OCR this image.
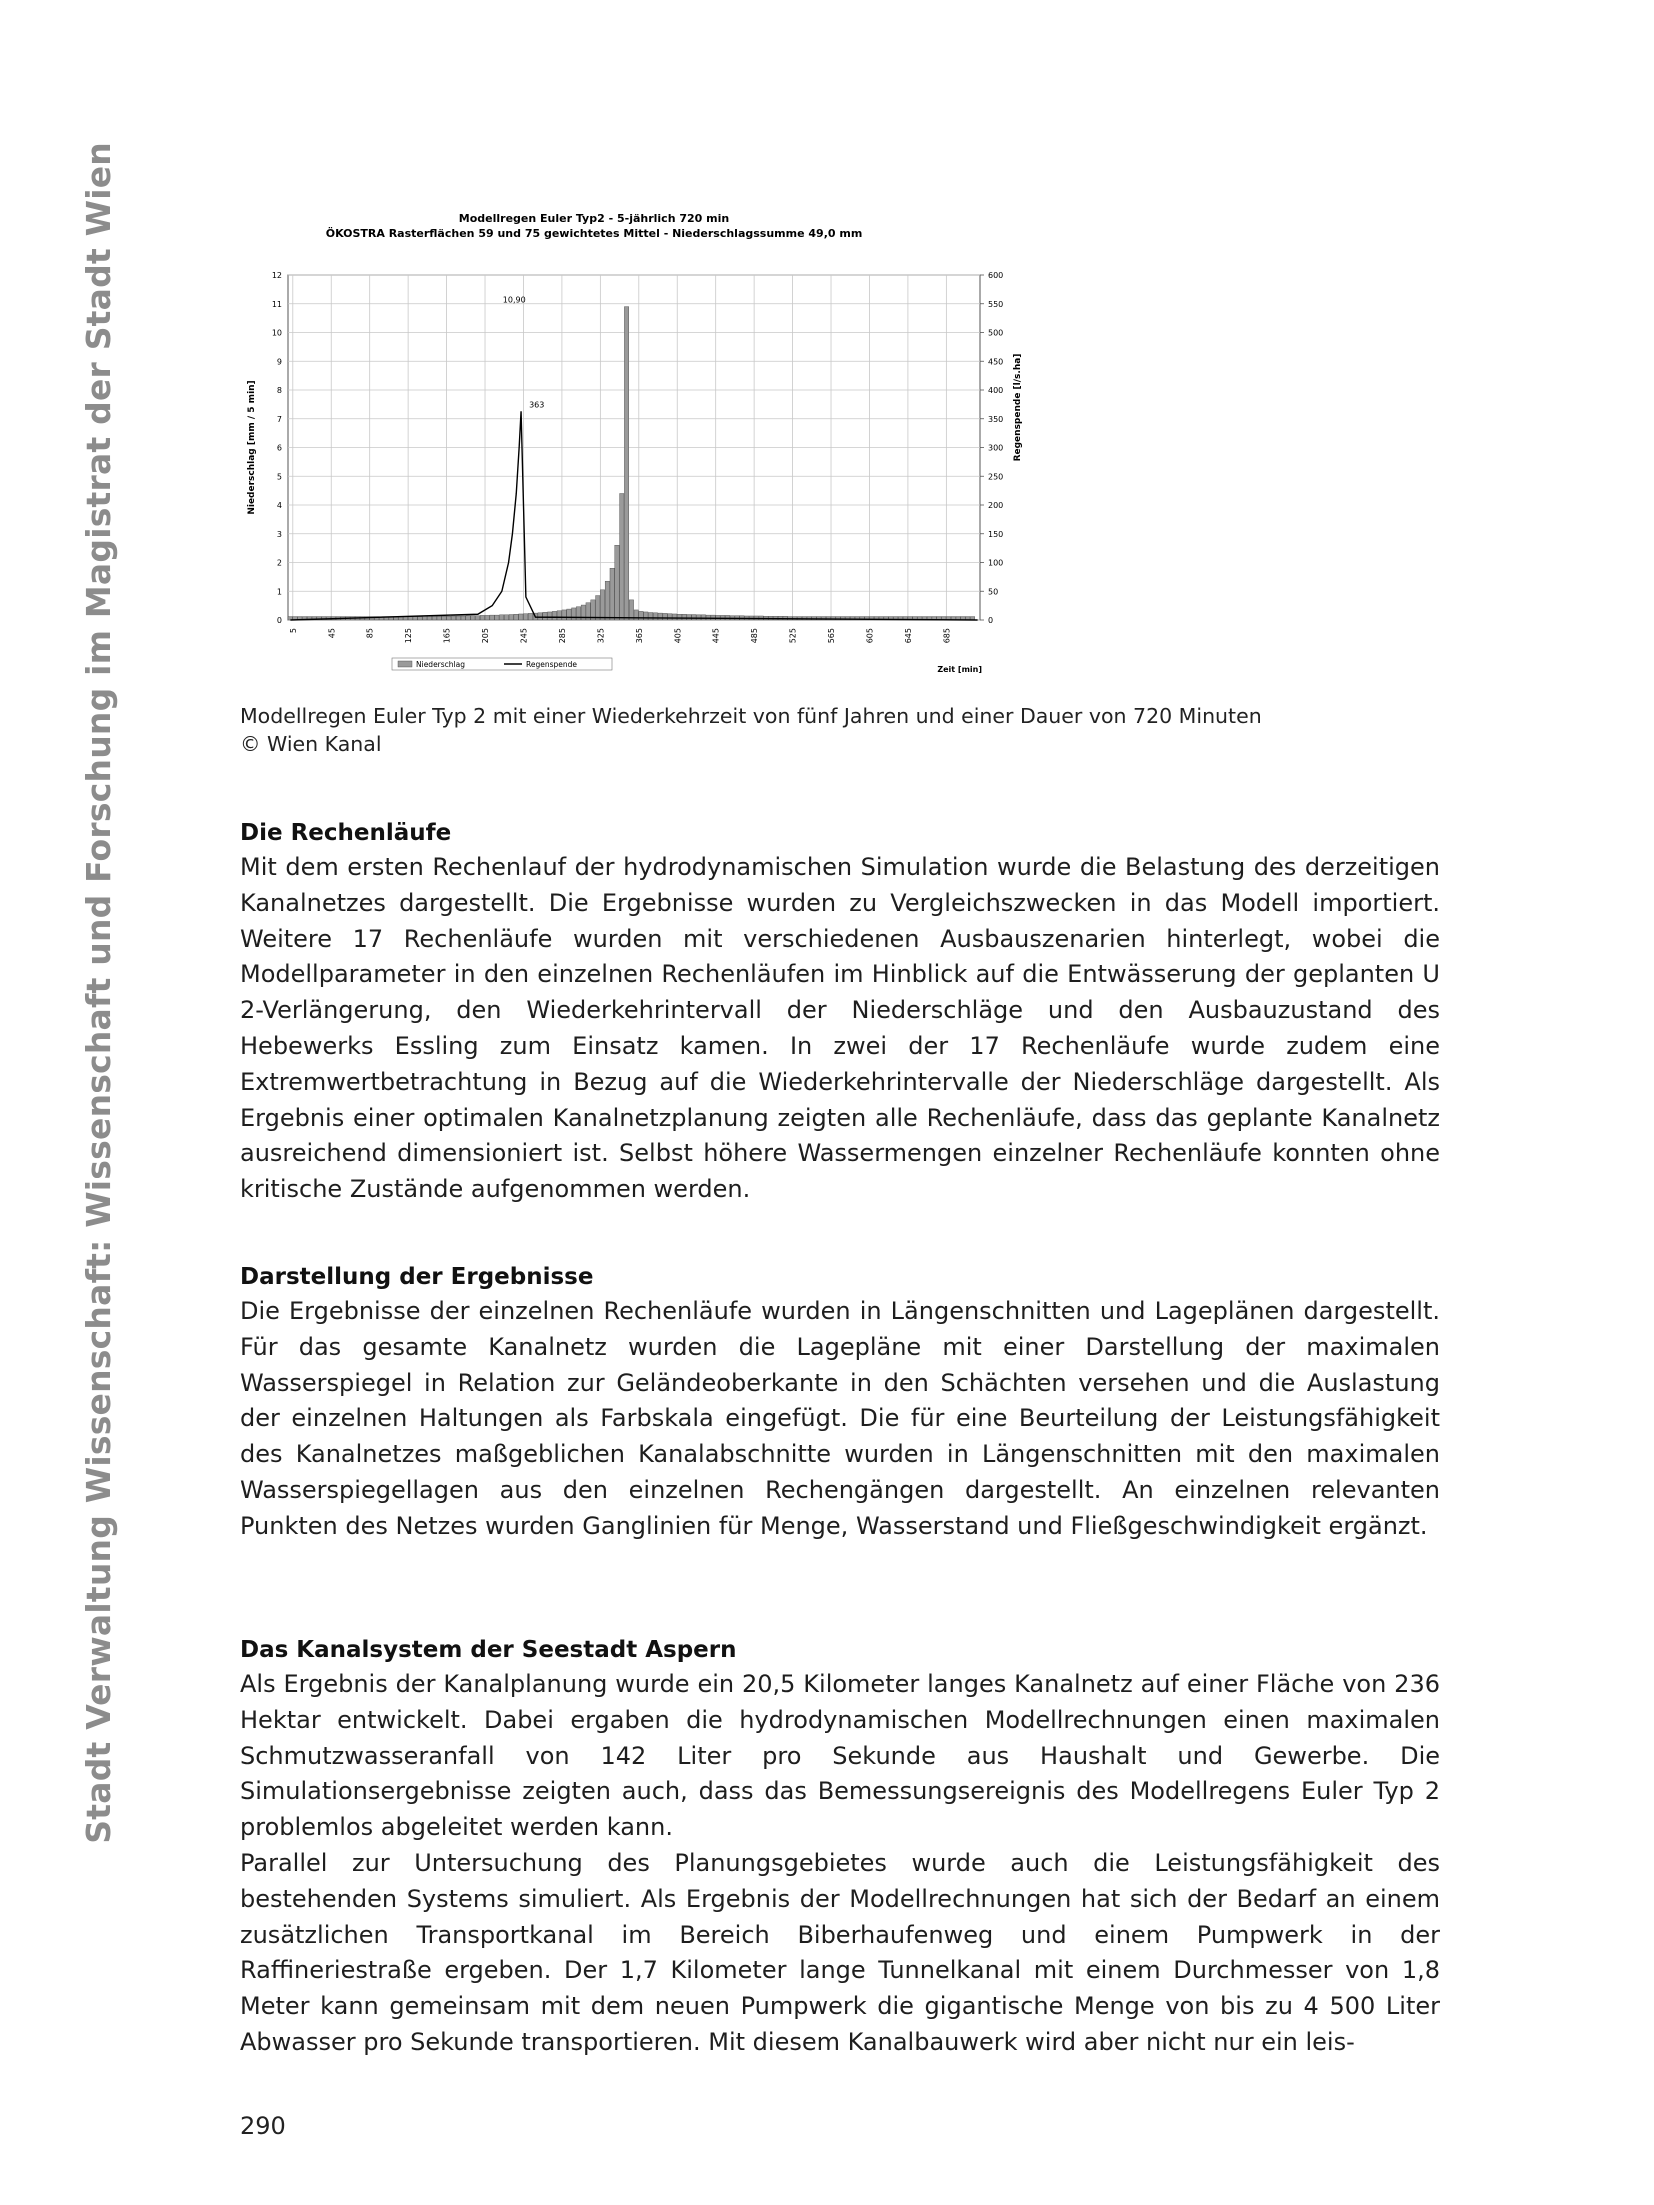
Stadt Verwaltung Wissenschaft: Wissenschaft und Forschung im Magistrat der Stadt Wien	Modellregen Euler Typ2 - 5-jährlich 720 min
ÖKOSTRA Rasterflächen 59 und 75 gewichtetes Mittel - Niederschlagssumme 49,0 mm
0
1
2
3
4
5
6
7
8
9
10
11
12
0
50
100
150
200
250
300
350
400
450
500
550
600
5	45	85	125	165	205	245	285	325	365	405	445	485	525	565	605	645	685
Niederschlag [mm / 5 min]	Regenspende [l/s.ha]
Zeit [min]
10,90
363
Niederschlag	Regenspende
Modellregen Euler Typ 2 mit einer Wiederkehrzeit von fünf Jahren und einer Dauer von 720 Minuten
© Wien Kanal
Die Rechenläufe

Mit dem ersten Rechenlauf der hydrodynamischen Simulation wurde die Belastung des derzeitigen Kanalnetzes dargestellt. Die Ergebnisse wurden zu Vergleichszwecken in das Modell importiert. Weitere 17 Rechenläufe wurden mit verschiedenen Ausbauszenarien hinterlegt, wobei die Modellparameter in den einzelnen Rechenläufen im Hinblick auf die Entwässerung der geplanten U 2-Verlängerung, den Wiederkehrintervall der Niederschläge und den Ausbauzustand des Hebewerks Essling zum Einsatz kamen. In zwei der 17 Rechenläufe wurde zudem eine Extremwertbetrachtung in Bezug auf die Wiederkehrintervalle der Niederschläge dargestellt. Als Ergebnis einer optimalen Kanalnetzplanung zeigten alle Rechenläufe, dass das geplante Kanalnetz ausreichend dimensioniert ist. Selbst höhere Wassermengen einzelner Rechenläufe konnten ohne kritische Zustände aufgenommen werden.

Darstellung der Ergebnisse

Die Ergebnisse der einzelnen Rechenläufe wurden in Längenschnitten und Lageplänen dargestellt. Für das gesamte Kanalnetz wurden die Lagepläne mit einer Darstellung der maximalen Wasserspiegel in Relation zur Geländeoberkante in den Schächten versehen und die Auslastung der einzelnen Haltungen als Farbskala eingefügt. Die für eine Beurteilung der Leistungsfähigkeit des Kanalnetzes maßgeblichen Kanalabschnitte wurden in Längenschnitten mit den maximalen Wasserspiegellagen aus den einzelnen Rechengängen dargestellt. An einzelnen relevanten Punkten des Netzes wurden Ganglinien für Menge, Wasserstand und Fließgeschwindigkeit ergänzt.

Das Kanalsystem der Seestadt Aspern

Als Ergebnis der Kanalplanung wurde ein 20,5 Kilometer langes Kanalnetz auf einer Fläche von 236 Hektar entwickelt. Dabei ergaben die hydrodynamischen Modellrechnungen einen maximalen Schmutzwasseranfall von 142 Liter pro Sekunde aus Haushalt und Gewerbe. Die Simulationsergebnisse zeigten auch, dass das Bemessungsereignis des Modellregens Euler Typ 2 problemlos abgeleitet werden kann.

Parallel zur Untersuchung des Planungsgebietes wurde auch die Leistungsfähigkeit des bestehenden Systems simuliert. Als Ergebnis der Modellrechnungen hat sich der Bedarf an einem zusätzlichen Transportkanal im Bereich Biberhaufenweg und einem Pumpwerk in der Raffineriestraße ergeben. Der 1,7 Kilometer lange Tunnelkanal mit einem Durchmesser von 1,8 Meter kann gemeinsam mit dem neuen Pumpwerk die gigantische Menge von bis zu 4 500 Liter Abwasser pro Sekunde transportieren. Mit diesem Kanalbauwerk wird aber nicht nur ein leis-

290
